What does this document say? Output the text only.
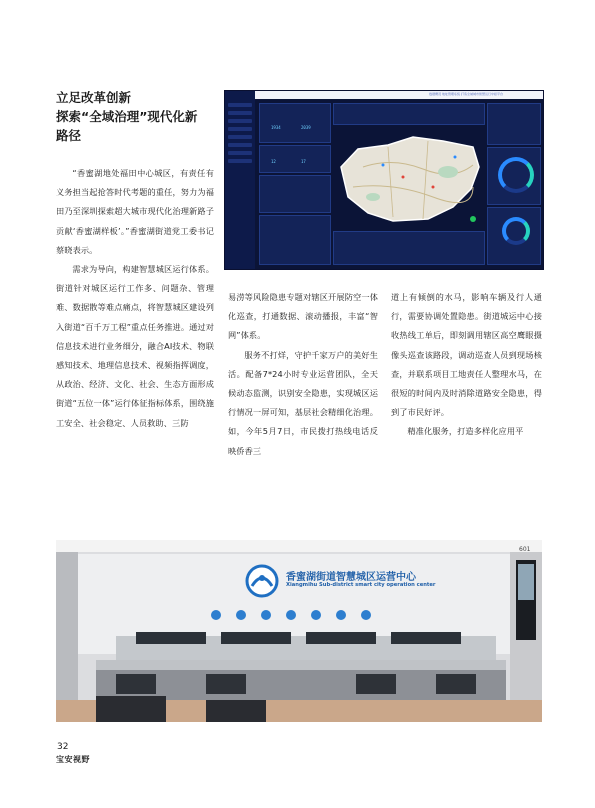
立足改革创新
探索“全域治理”现代化新
路径

“香蜜湖地处福田中心城区，有责任有义务担当起抢答时代考题的重任，努力为福田乃至深圳探索超大城市现代化治理新路子贡献‘香蜜湖样板’。”香蜜湖街道党工委书记蔡晓表示。

需求为导向，构建智慧城区运行体系。街道针对城区运行工作多、问题杂、管理难、数据散等难点痛点，将智慧城区建设列入街道“百千万工程”重点任务推进。通过对信息技术进行业务细分，融合AI技术、物联感知技术、地理信息技术、视频指挥调度，从政治、经济、文化、社会、生态方面形成街道“五位一体”运行体征指标体系，围绕施工安全、社会稳定、人员救助、三防

易涝等风险隐患专题对辖区开展防空一体化巡查，打通数据、滚动播报，丰富“智网”体系。

服务不打烊，守护千家万户的美好生活。配备7*24小时专业运营团队，全天候动态监测，识别安全隐患，实现城区运行情况一屏可知，基层社会精细化治理。如，今年5月7日，市民拨打热线电话反映侨香三

道上有倾倒的水马，影响车辆及行人通行，需要协调处置隐患。街道城运中心接收热线工单后，即刻调用辖区高空鹰眼摄像头巡查该路段，调动巡查人员到现场核查，并联系项目工地责任人整理水马，在很短的时间内及时消除道路安全隐患，得到了市民好评。

精准化服务，打造多样化应用平

数据概况 地址管理系统 打造全域城市智慧运行中枢平台
1934	2039
12	17
香蜜湖街道智慧城区运营中心
Xiangmihu Sub-district smart city operation center
601
32
宝安视野
